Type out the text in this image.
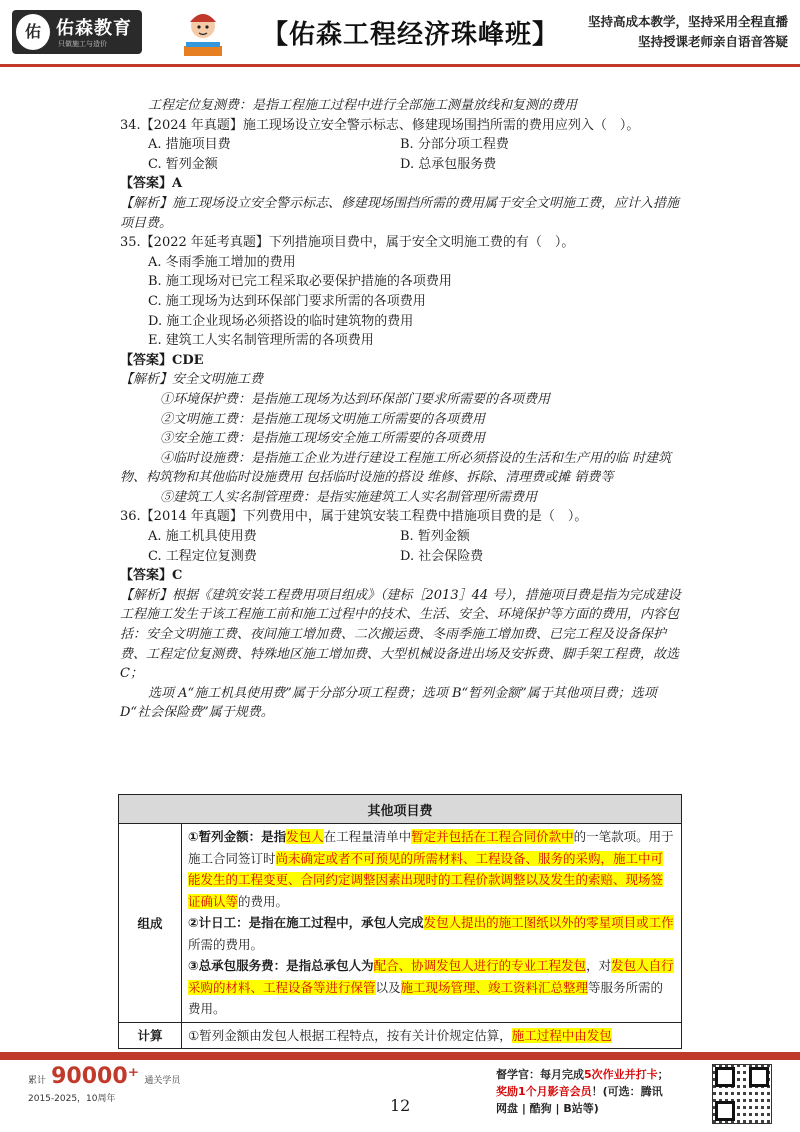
佑 佑森教育
只做施工与造价	【佑森工程经济珠峰班】 坚持高成本教学，坚持采用全程直播
坚持授课老师亲自语音答疑
工程定位复测费：是指工程施工过程中进行全部施工测量放线和复测的费用
34.【2024 年真题】施工现场设立安全警示标志、修建现场围挡所需的费用应列入（　）。
A. 措施项目费	B. 分部分项工程费
C. 暂列金额	D. 总承包服务费
【答案】A
【解析】施工现场设立安全警示标志、修建现场围挡所需的费用属于安全文明施工费，应计入措施项目费。
35.【2022 年延考真题】下列措施项目费中，属于安全文明施工费的有（　）。
A. 冬雨季施工增加的费用
B. 施工现场对已完工程采取必要保护措施的各项费用
C. 施工现场为达到环保部门要求所需的各项费用
D. 施工企业现场必须搭设的临时建筑物的费用
E. 建筑工人实名制管理所需的各项费用
【答案】CDE
【解析】安全文明施工费
①环境保护费：是指施工现场为达到环保部门要求所需要的各项费用
②文明施工费：是指施工现场文明施工所需要的各项费用
③安全施工费：是指施工现场安全施工所需要的各项费用
④临时设施费：是指施工企业为进行建设工程施工所必须搭设的生活和生产用的临 时建筑物、构筑物和其他临时设施费用 包括临时设施的搭设 维修、拆除、清理费或摊 销费等
⑤建筑工人实名制管理费：是指实施建筑工人实名制管理所需费用
36.【2014 年真题】下列费用中，属于建筑安装工程费中措施项目费的是（　）。
A. 施工机具使用费	B. 暂列金额
C. 工程定位复测费	D. 社会保险费
【答案】C
【解析】根据《建筑安装工程费用项目组成》（建标［2013］44 号），措施项目费是指为完成建设工程施工发生于该工程施工前和施工过程中的技术、生活、安全、环境保护等方面的费用，内容包括：安全文明施工费、夜间施工增加费、二次搬运费、冬雨季施工增加费、已完工程及设备保护费、工程定位复测费、特殊地区施工增加费、大型机械设备进出场及安拆费、脚手架工程费，故选 C；
选项 A“施工机具使用费”属于分部分项工程费；选项 B“暂列金额”属于其他项目费；选项 D“社会保险费”属于规费。
其他项目费	
组成	①暂列金额：是指发包人在工程量清单中暂定并包括在工程合同价款中的一笔款项。用于施工合同签订时尚未确定或者不可预见的所需材料、工程设备、服务的采购，施工中可能发生的工程变更、合同约定调整因素出现时的工程价款调整以及发生的索赔、现场签证确认等的费用。
②计日工：是指在施工过程中，承包人完成发包人提出的施工图纸以外的零星项目或工作所需的费用。
③总承包服务费：是指总承包人为配合、协调发包人进行的专业工程发包，对发包人自行采购的材料、工程设备等进行保管以及施工现场管理、竣工资料汇总整理等服务所需的费用。

计算	①暂列金额由发包人根据工程特点，按有关计价规定估算，施工过程中由发包
累计 90000⁺ 通关学员
2015-2025，10周年	12
督学官：每月完成5次作业并打卡；
奖励1个月影音会员！(可选：腾讯
网盘 | 酷狗 | B站等)
